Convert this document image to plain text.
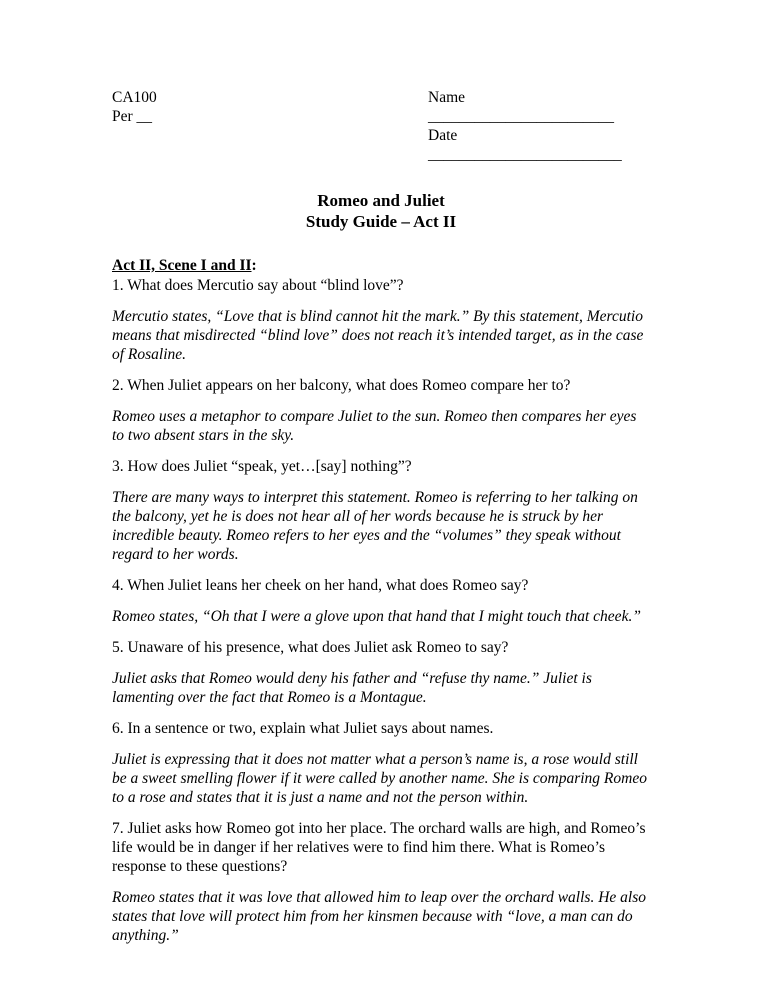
CA100
Per __
Name ________________________
Date _________________________
Romeo and Juliet
Study Guide – Act II
Act II, Scene I and II:
1. What does Mercutio say about “blind love”?
Mercutio states, “Love that is blind cannot hit the mark.” By this statement, Mercutio means that misdirected “blind love” does not reach it’s intended target, as in the case of Rosaline.
2. When Juliet appears on her balcony, what does Romeo compare her to?
Romeo uses a metaphor to compare Juliet to the sun. Romeo then compares her eyes to two absent stars in the sky.
3. How does Juliet “speak, yet…[say] nothing”?
There are many ways to interpret this statement. Romeo is referring to her talking on the balcony, yet he is does not hear all of her words because he is struck by her incredible beauty. Romeo refers to her eyes and the “volumes” they speak without regard to her words.
4. When Juliet leans her cheek on her hand, what does Romeo say?
Romeo states, “Oh that I were a glove upon that hand that I might touch that cheek.”
5. Unaware of his presence, what does Juliet ask Romeo to say?
Juliet asks that Romeo would deny his father and “refuse thy name.” Juliet is lamenting over the fact that Romeo is a Montague.
6. In a sentence or two, explain what Juliet says about names.
Juliet is expressing that it does not matter what a person’s name is, a rose would still be a sweet smelling flower if it were called by another name. She is comparing Romeo to a rose and states that it is just a name and not the person within.
7. Juliet asks how Romeo got into her place. The orchard walls are high, and Romeo’s life would be in danger if her relatives were to find him there. What is Romeo’s response to these questions?
Romeo states that it was love that allowed him to leap over the orchard walls. He also states that love will protect him from her kinsmen because with “love, a man can do anything.”
